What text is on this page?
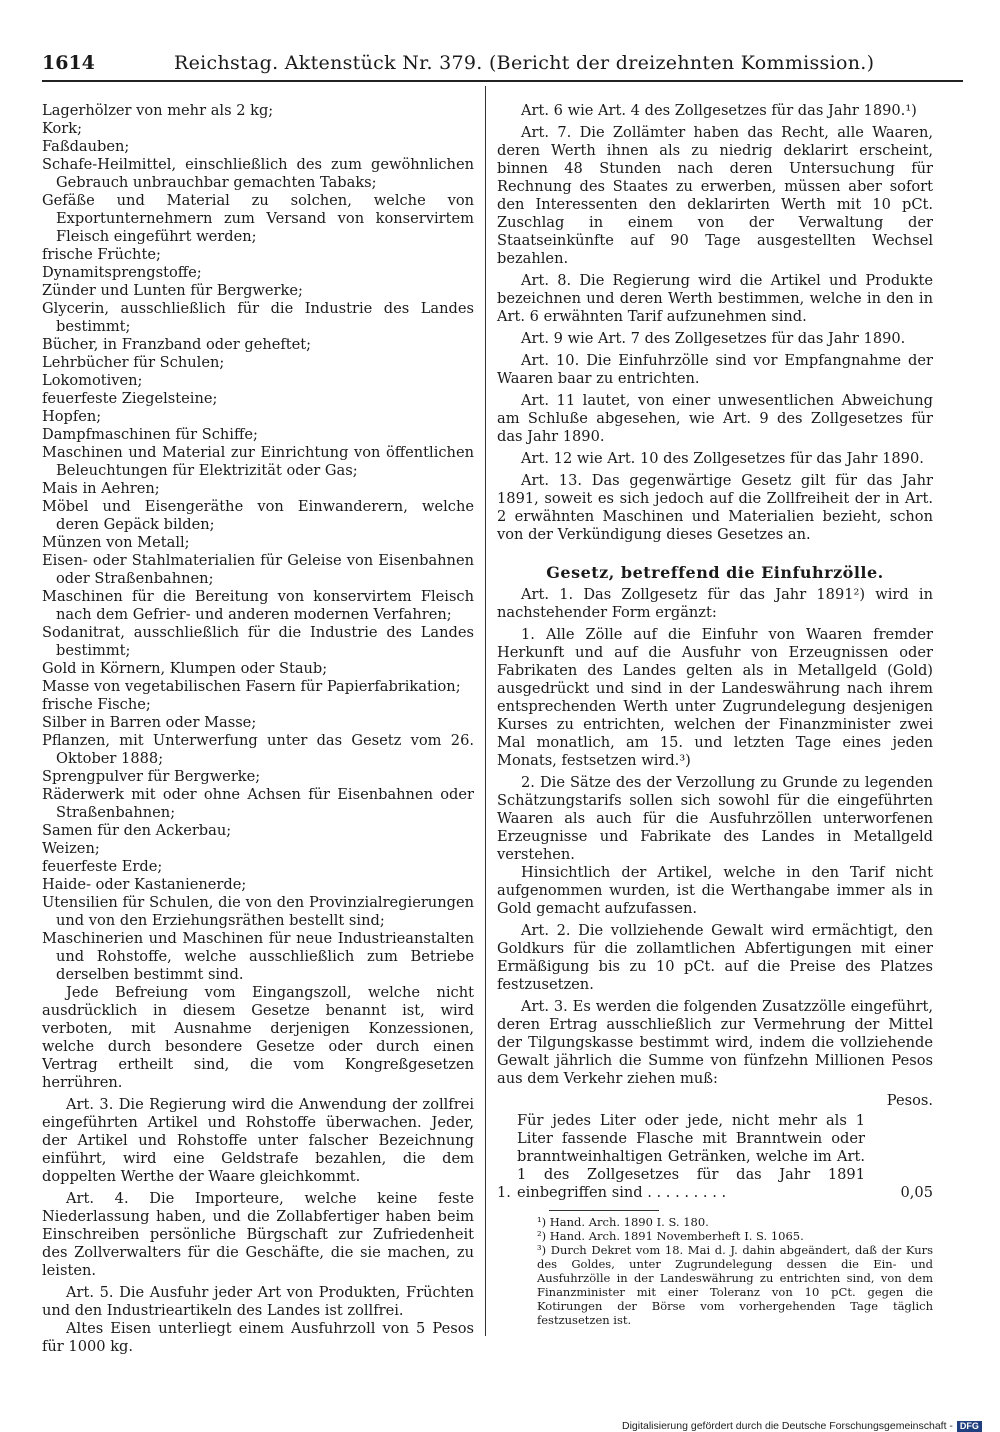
1614	Reichstag. Aktenstück Nr. 379. (Bericht der dreizehnten Kommission.)
Lagerhölzer von mehr als 2 kg;
Kork;
Faßdauben;
Schafe-Heilmittel, einschließlich des zum gewöhnlichen Gebrauch unbrauchbar gemachten Tabaks;
Gefäße und Material zu solchen, welche von Exportunternehmern zum Versand von konservirtem Fleisch eingeführt werden;
frische Früchte;
Dynamitsprengstoffe;
Zünder und Lunten für Bergwerke;
Glycerin, ausschließlich für die Industrie des Landes bestimmt;
Bücher, in Franzband oder geheftet;
Lehrbücher für Schulen;
Lokomotiven;
feuerfeste Ziegelsteine;
Hopfen;
Dampfmaschinen für Schiffe;
Maschinen und Material zur Einrichtung von öffentlichen Beleuchtungen für Elektrizität oder Gas;
Mais in Aehren;
Möbel und Eisengeräthe von Einwanderern, welche deren Gepäck bilden;
Münzen von Metall;
Eisen- oder Stahlmaterialien für Geleise von Eisenbahnen oder Straßenbahnen;
Maschinen für die Bereitung von konservirtem Fleisch nach dem Gefrier- und anderen modernen Verfahren;
Sodanitrat, ausschließlich für die Industrie des Landes bestimmt;
Gold in Körnern, Klumpen oder Staub;
Masse von vegetabilischen Fasern für Papierfabrikation;
frische Fische;
Silber in Barren oder Masse;
Pflanzen, mit Unterwerfung unter das Gesetz vom 26. Oktober 1888;
Sprengpulver für Bergwerke;
Räderwerk mit oder ohne Achsen für Eisenbahnen oder Straßenbahnen;
Samen für den Ackerbau;
Weizen;
feuerfeste Erde;
Haide- oder Kastanienerde;
Utensilien für Schulen, die von den Provinzialregierungen und von den Erziehungsräthen bestellt sind;
Maschinerien und Maschinen für neue Industrieanstalten und Rohstoffe, welche ausschließlich zum Betriebe derselben bestimmt sind.

Jede Befreiung vom Eingangszoll, welche nicht ausdrücklich in diesem Gesetze benannt ist, wird verboten, mit Ausnahme derjenigen Konzessionen, welche durch besondere Gesetze oder durch einen Vertrag ertheilt sind, die vom Kongreßgesetzen herrühren.

Art. 3. Die Regierung wird die Anwendung der zollfrei eingeführten Artikel und Rohstoffe überwachen. Jeder, der Artikel und Rohstoffe unter falscher Bezeichnung einführt, wird eine Geldstrafe bezahlen, die dem doppelten Werthe der Waare gleichkommt.

Art. 4. Die Importeure, welche keine feste Niederlassung haben, und die Zollabfertiger haben beim Einschreiben persönliche Bürgschaft zur Zufriedenheit des Zollverwalters für die Geschäfte, die sie machen, zu leisten.

Art. 5. Die Ausfuhr jeder Art von Produkten, Früchten und den Industrieartikeln des Landes ist zollfrei.

Altes Eisen unterliegt einem Ausfuhrzoll von 5 Pesos für 1000 kg.

Art. 6 wie Art. 4 des Zollgesetzes für das Jahr 1890.¹)

Art. 7. Die Zollämter haben das Recht, alle Waaren, deren Werth ihnen als zu niedrig deklarirt erscheint, binnen 48 Stunden nach deren Untersuchung für Rechnung des Staates zu erwerben, müssen aber sofort den Interessenten den deklarirten Werth mit 10 pCt. Zuschlag in einem von der Verwaltung der Staatseinkünfte auf 90 Tage ausgestellten Wechsel bezahlen.

Art. 8. Die Regierung wird die Artikel und Produkte bezeichnen und deren Werth bestimmen, welche in den in Art. 6 erwähnten Tarif aufzunehmen sind.

Art. 9 wie Art. 7 des Zollgesetzes für das Jahr 1890.

Art. 10. Die Einfuhrzölle sind vor Empfangnahme der Waaren baar zu entrichten.

Art. 11 lautet, von einer unwesentlichen Abweichung am Schluße abgesehen, wie Art. 9 des Zollgesetzes für das Jahr 1890.

Art. 12 wie Art. 10 des Zollgesetzes für das Jahr 1890.

Art. 13. Das gegenwärtige Gesetz gilt für das Jahr 1891, soweit es sich jedoch auf die Zollfreiheit der in Art. 2 erwähnten Maschinen und Materialien bezieht, schon von der Verkündigung dieses Gesetzes an.

Gesetz, betreffend die Einfuhrzölle.

Art. 1. Das Zollgesetz für das Jahr 1891²) wird in nachstehender Form ergänzt:

1. Alle Zölle auf die Einfuhr von Waaren fremder Herkunft und auf die Ausfuhr von Erzeugnissen oder Fabrikaten des Landes gelten als in Metallgeld (Gold) ausgedrückt und sind in der Landeswährung nach ihrem entsprechenden Werth unter Zugrundelegung desjenigen Kurses zu entrichten, welchen der Finanzminister zwei Mal monatlich, am 15. und letzten Tage eines jeden Monats, festsetzen wird.³)

2. Die Sätze des der Verzollung zu Grunde zu legenden Schätzungstarifs sollen sich sowohl für die eingeführten Waaren als auch für die Ausfuhrzöllen unterworfenen Erzeugnisse und Fabrikate des Landes in Metallgeld verstehen.

Hinsichtlich der Artikel, welche in den Tarif nicht aufgenommen wurden, ist die Werthangabe immer als in Gold gemacht aufzufassen.

Art. 2. Die vollziehende Gewalt wird ermächtigt, den Goldkurs für die zollamtlichen Abfertigungen mit einer Ermäßigung bis zu 10 pCt. auf die Preise des Platzes festzusetzen.

Art. 3. Es werden die folgenden Zusatzzölle eingeführt, deren Ertrag ausschließlich zur Vermehrung der Mittel der Tilgungskasse bestimmt wird, indem die vollziehende Gewalt jährlich die Summe von fünfzehn Millionen Pesos aus dem Verkehr ziehen muß:

Pesos.
1.
Für jedes Liter oder jede, nicht mehr als 1 Liter fassende Flasche mit Branntwein oder branntweinhaltigen Getränken, welche im Art. 1 des Zollgesetzes für das Jahr 1891 einbegriffen sind . . . . . . . . .	0,05

¹) Hand. Arch. 1890 I. S. 180.

²) Hand. Arch. 1891 Novemberheft I. S. 1065.

³) Durch Dekret vom 18. Mai d. J. dahin abgeändert, daß der Kurs des Goldes, unter Zugrundelegung dessen die Ein- und Ausfuhrzölle in der Landeswährung zu entrichten sind, von dem Finanzminister mit einer Toleranz von 10 pCt. gegen die Kotirungen der Börse vom vorhergehenden Tage täglich festzusetzen ist.

Digitalisierung gefördert durch die Deutsche Forschungsgemeinschaft - DFG
